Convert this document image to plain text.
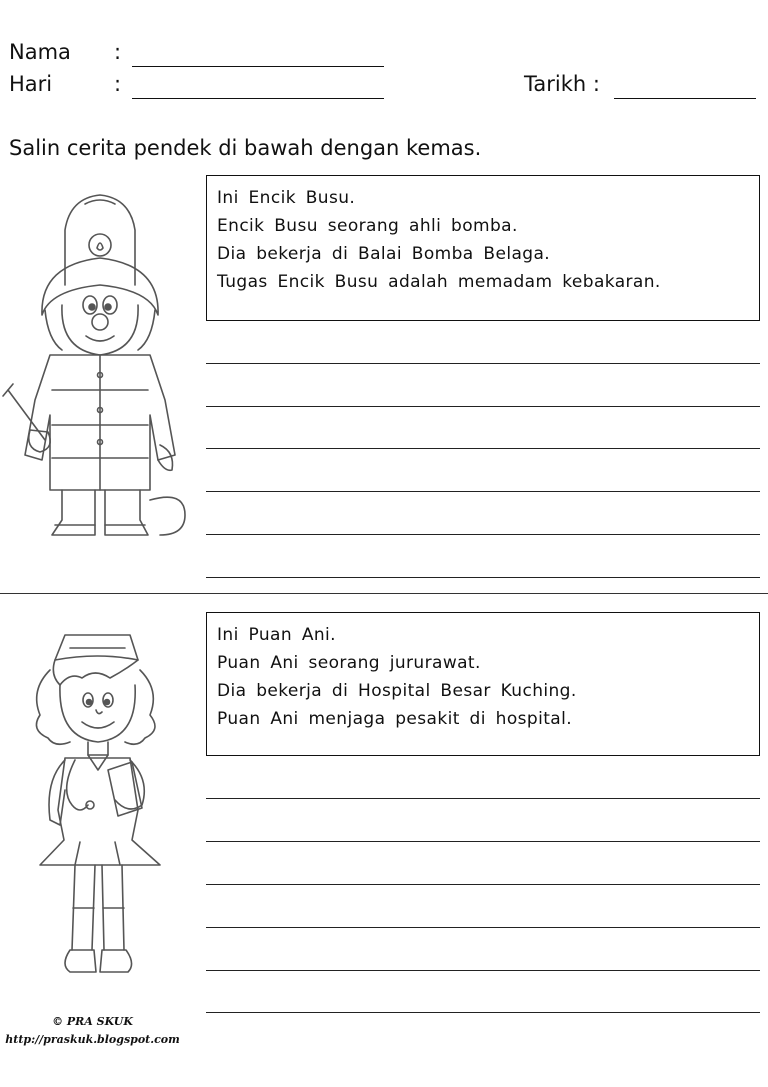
Nama :
Hari	:	Tarikh :
Salin cerita pendek di bawah dengan kemas.
Ini Encik Busu.
Encik Busu seorang ahli bomba.
Dia bekerja di Balai Bomba Belaga.
Tugas Encik Busu adalah memadam kebakaran.
Ini Puan Ani.
Puan Ani seorang jururawat.
Dia bekerja di Hospital Besar Kuching.
Puan Ani menjaga pesakit di hospital.
© PRA SKUK
http://praskuk.blogspot.com
